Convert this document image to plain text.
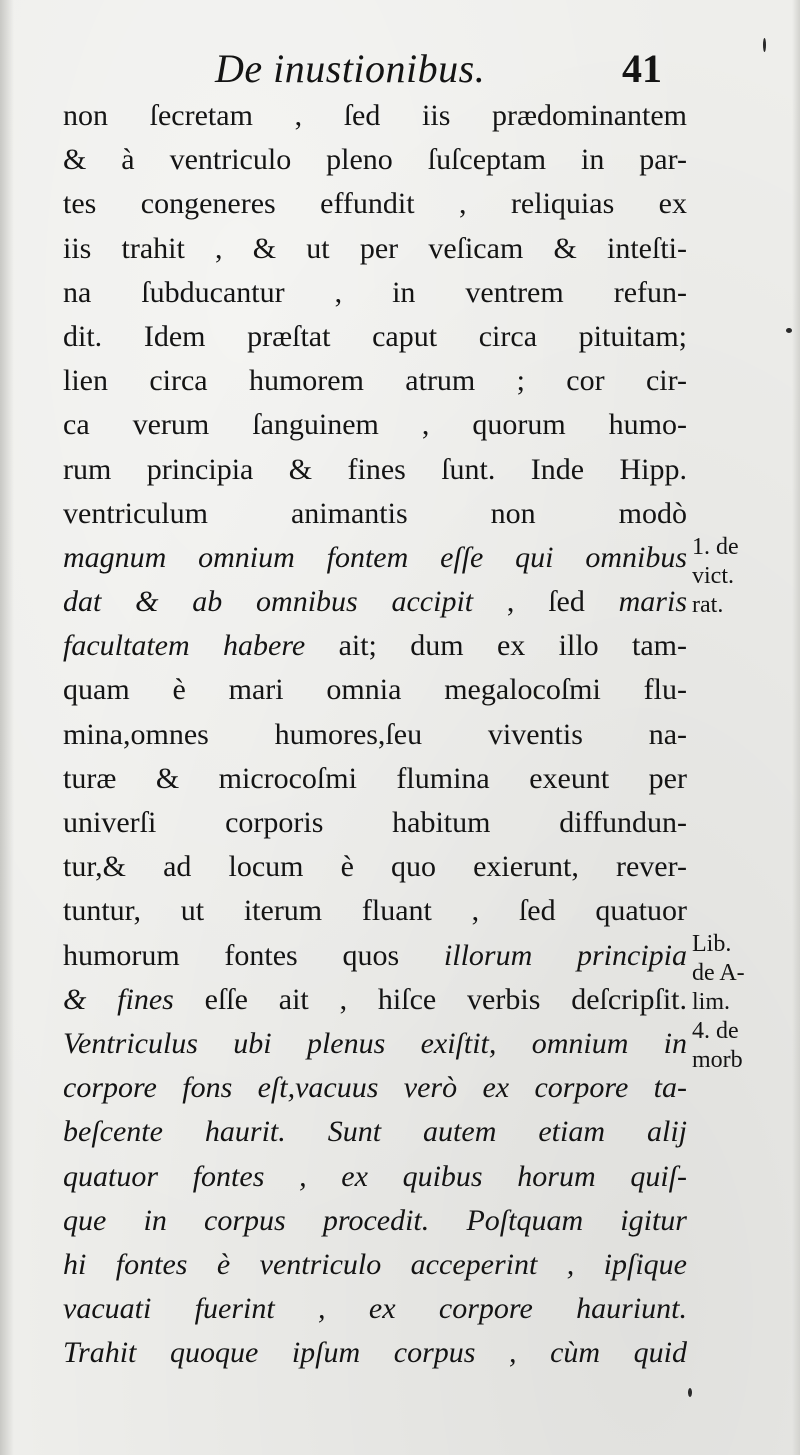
De inustionibus.	41
non ſecretam , ſed iis prædominantem
& à ventriculo pleno ſuſceptam in par-
tes congeneres effundit , reliquias ex
iis trahit , & ut per veſicam & inteſti-
na ſubducantur , in ventrem refun-
dit. Idem præſtat caput circa pituitam;
lien circa humorem atrum ; cor cir-
ca verum ſanguinem , quorum humo-
rum principia & fines ſunt. Inde Hipp.
ventriculum animantis non modò
magnum omnium fontem eſſe qui omnibus
dat & ab omnibus accipit , ſed maris
facultatem habere ait; dum ex illo tam-
quam è mari omnia megalocoſmi flu-
mina,omnes humores,ſeu viventis na-
turæ & microcoſmi flumina exeunt per
univerſi corporis habitum diffundun-
tur,& ad locum è quo exierunt, rever-
tuntur, ut iterum fluant , ſed quatuor
humorum fontes quos illorum principia
& fines eſſe ait , hiſce verbis deſcripſit.
Ventriculus ubi plenus exiſtit, omnium in
corpore fons eſt,vacuus verò ex corpore ta-
beſcente haurit. Sunt autem etiam alij
quatuor fontes , ex quibus horum quiſ-
que in corpus procedit. Poſtquam igitur
hi fontes è ventriculo acceperint , ipſique
vacuati fuerint , ex corpore hauriunt.
Trahit quoque ipſum corpus , cùm quid
1. de
vict.
rat.
Lib.
de A-
lim.
4. de
morb
